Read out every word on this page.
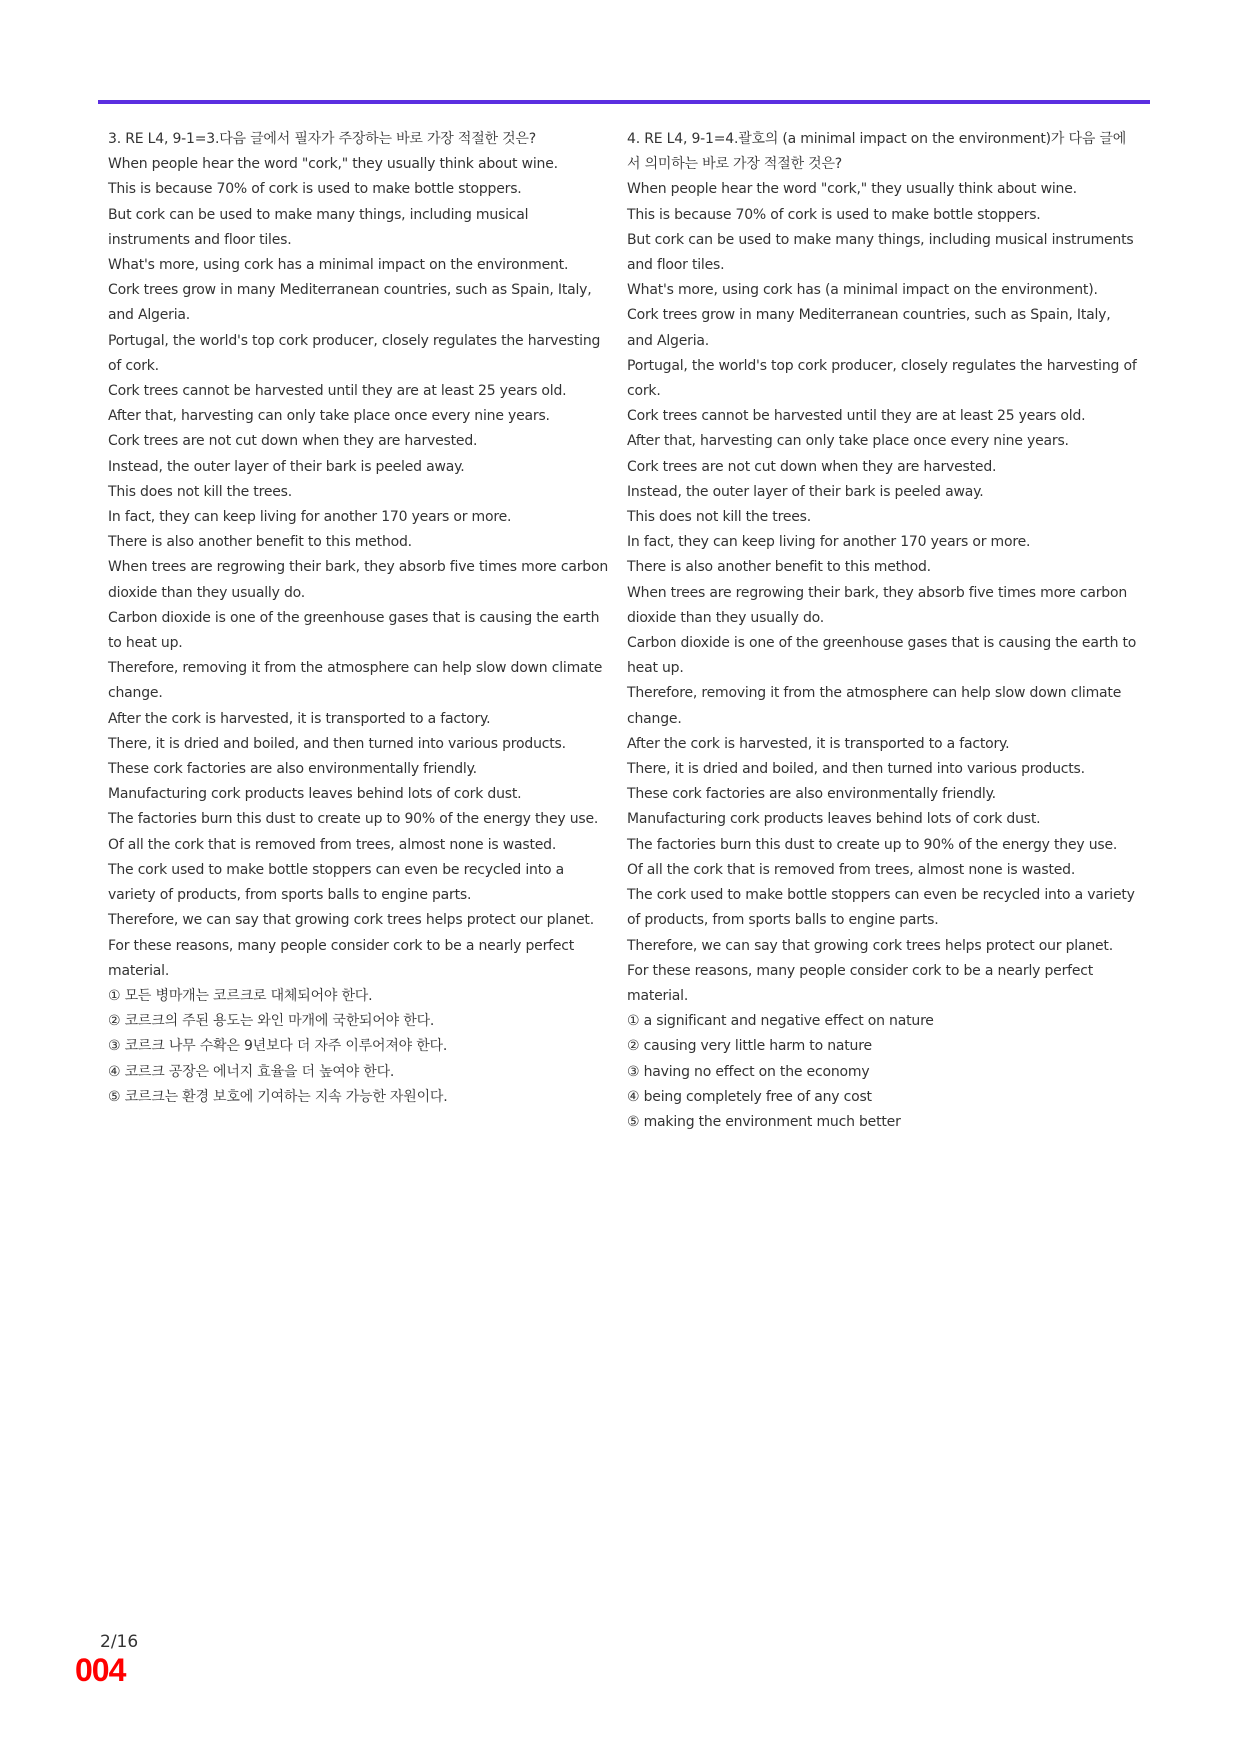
3. RE L4, 9-1=3.다음 글에서 필자가 주장하는 바로 가장 적절한 것은?

When people hear the word "cork," they usually think about wine.

This is because 70% of cork is used to make bottle stoppers.

But cork can be used to make many things, including musical instruments and floor tiles.

What's more, using cork has a minimal impact on the environment.

Cork trees grow in many Mediterranean countries, such as Spain, Italy, and Algeria.

Portugal, the world's top cork producer, closely regulates the harvesting of cork.

Cork trees cannot be harvested until they are at least 25 years old.

After that, harvesting can only take place once every nine years.

Cork trees are not cut down when they are harvested.

Instead, the outer layer of their bark is peeled away.

This does not kill the trees.

In fact, they can keep living for another 170 years or more.

There is also another benefit to this method.

When trees are regrowing their bark, they absorb five times more carbon dioxide than they usually do.

Carbon dioxide is one of the greenhouse gases that is causing the earth to heat up.

Therefore, removing it from the atmosphere can help slow down climate change.

After the cork is harvested, it is transported to a factory.

There, it is dried and boiled, and then turned into various products.

These cork factories are also environmentally friendly.

Manufacturing cork products leaves behind lots of cork dust.

The factories burn this dust to create up to 90% of the energy they use.

Of all the cork that is removed from trees, almost none is wasted.

The cork used to make bottle stoppers can even be recycled into a variety of products, from sports balls to engine parts.

Therefore, we can say that growing cork trees helps protect our planet.

For these reasons, many people consider cork to be a nearly perfect material.

① 모든 병마개는 코르크로 대체되어야 한다.

② 코르크의 주된 용도는 와인 마개에 국한되어야 한다.

③ 코르크 나무 수확은 9년보다 더 자주 이루어져야 한다.

④ 코르크 공장은 에너지 효율을 더 높여야 한다.

⑤ 코르크는 환경 보호에 기여하는 지속 가능한 자원이다.

4. RE L4, 9-1=4.괄호의 (a minimal impact on the environment)가 다음 글에서 의미하는 바로 가장 적절한 것은?

When people hear the word "cork," they usually think about wine.

This is because 70% of cork is used to make bottle stoppers.

But cork can be used to make many things, including musical instruments and floor tiles.

What's more, using cork has (a minimal impact on the environment).

Cork trees grow in many Mediterranean countries, such as Spain, Italy, and Algeria.

Portugal, the world's top cork producer, closely regulates the harvesting of cork.

Cork trees cannot be harvested until they are at least 25 years old.

After that, harvesting can only take place once every nine years.

Cork trees are not cut down when they are harvested.

Instead, the outer layer of their bark is peeled away.

This does not kill the trees.

In fact, they can keep living for another 170 years or more.

There is also another benefit to this method.

When trees are regrowing their bark, they absorb five times more carbon dioxide than they usually do.

Carbon dioxide is one of the greenhouse gases that is causing the earth to heat up.

Therefore, removing it from the atmosphere can help slow down climate change.

After the cork is harvested, it is transported to a factory.

There, it is dried and boiled, and then turned into various products.

These cork factories are also environmentally friendly.

Manufacturing cork products leaves behind lots of cork dust.

The factories burn this dust to create up to 90% of the energy they use.

Of all the cork that is removed from trees, almost none is wasted.

The cork used to make bottle stoppers can even be recycled into a variety of products, from sports balls to engine parts.

Therefore, we can say that growing cork trees helps protect our planet.

For these reasons, many people consider cork to be a nearly perfect material.

① a significant and negative effect on nature

② causing very little harm to nature

③ having no effect on the economy

④ being completely free of any cost

⑤ making the environment much better

2/16
004
